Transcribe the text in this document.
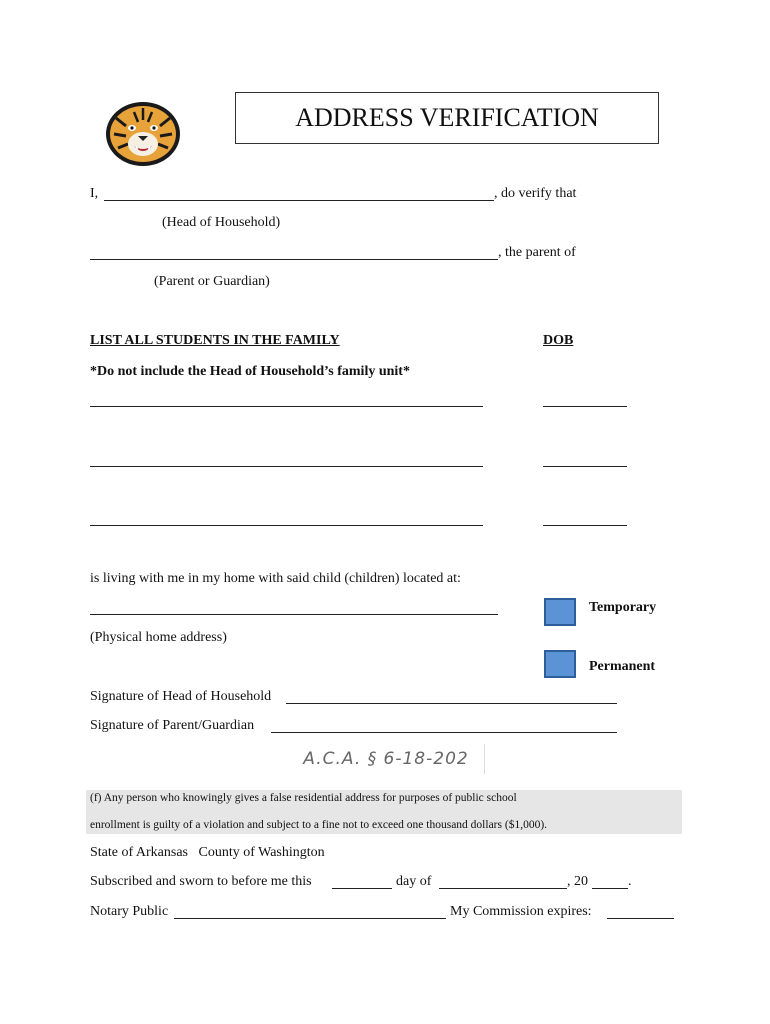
ADDRESS VERIFICATION
I,	, do verify that
(Head of Household)
, the parent of
(Parent or Guardian)
LIST ALL STUDENTS IN THE FAMILY	DOB
*Do not include the Head of Household’s family unit*
is living with me in my home with said child (children) located at:
(Physical home address)
Temporary
Permanent
Signature of Head of Household
Signature of Parent/Guardian
A.C.A. § 6-18-202
(f) Any person who knowingly gives a false residential address for purposes of public school
enrollment is guilty of a violation and subject to a fine not to exceed one thousand dollars ($1,000).
State of Arkansas   County of Washington
Subscribed and sworn to before me this	day of	, 20	.
Notary Public	My Commission expires:
